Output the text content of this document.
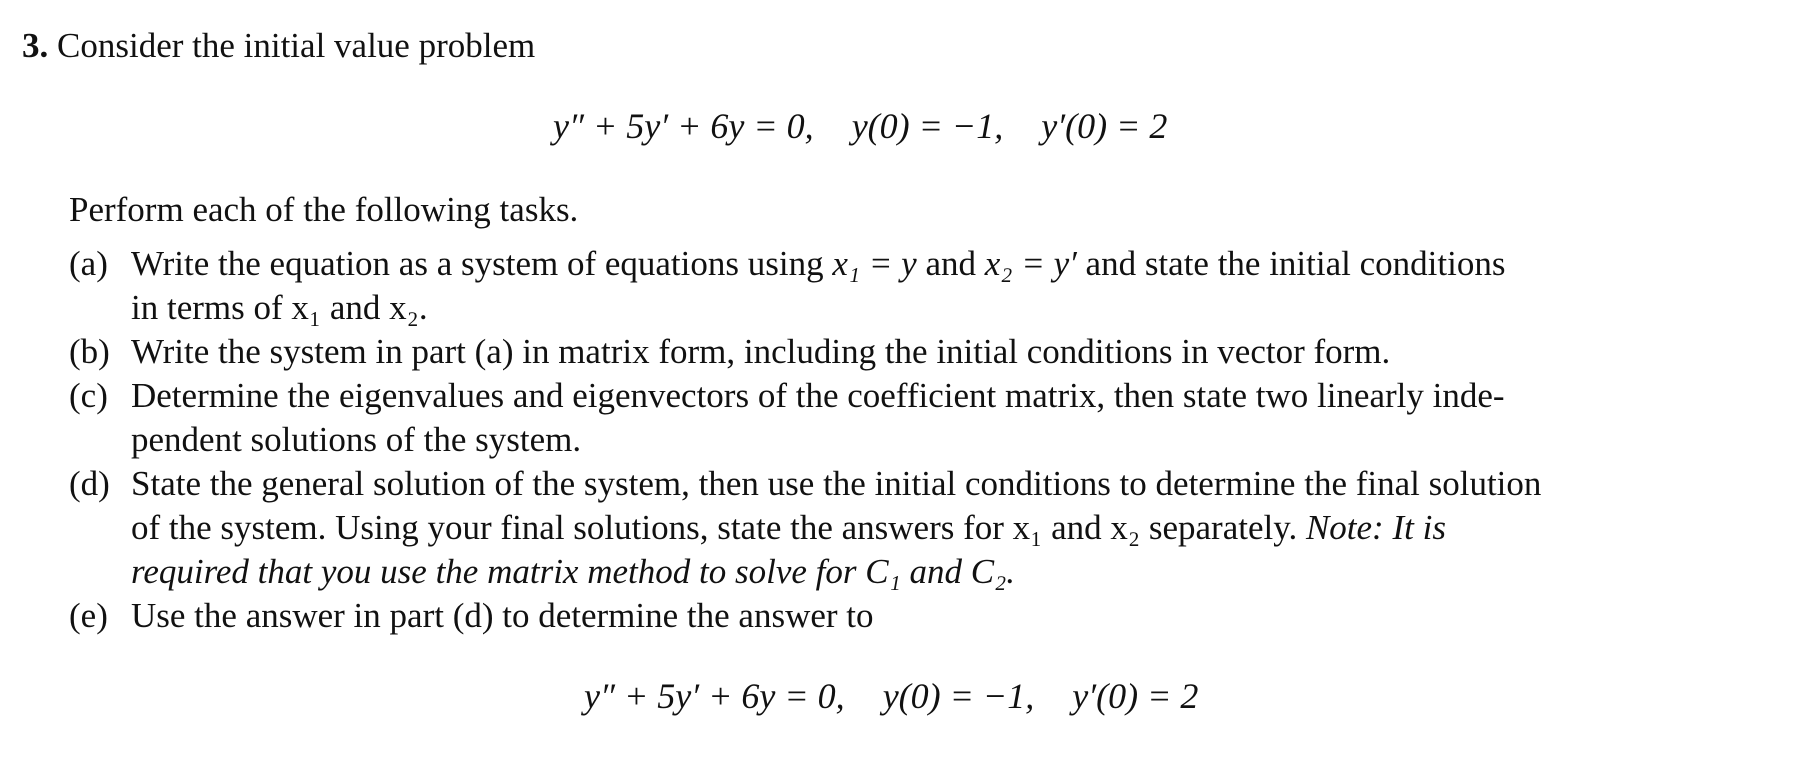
3. Consider the initial value problem
y″ + 5y′ + 6y = 0, y(0) = −1, y′(0) = 2
Perform each of the following tasks.
(a) Write the equation as a system of equations using x₁ = y and x₂ = y′ and state the initial conditions
in terms of x₁ and x₂.
(b) Write the system in part (a) in matrix form, including the initial conditions in vector form.
(c) Determine the eigenvalues and eigenvectors of the coefficient matrix, then state two linearly inde-
pendent solutions of the system.
(d) State the general solution of the system, then use the initial conditions to determine the final solution
of the system. Using your final solutions, state the answers for x₁ and x₂ separately. Note: It is
required that you use the matrix method to solve for C₁ and C₂.
(e) Use the answer in part (d) to determine the answer to
y″ + 5y′ + 6y = 0, y(0) = −1, y′(0) = 2
